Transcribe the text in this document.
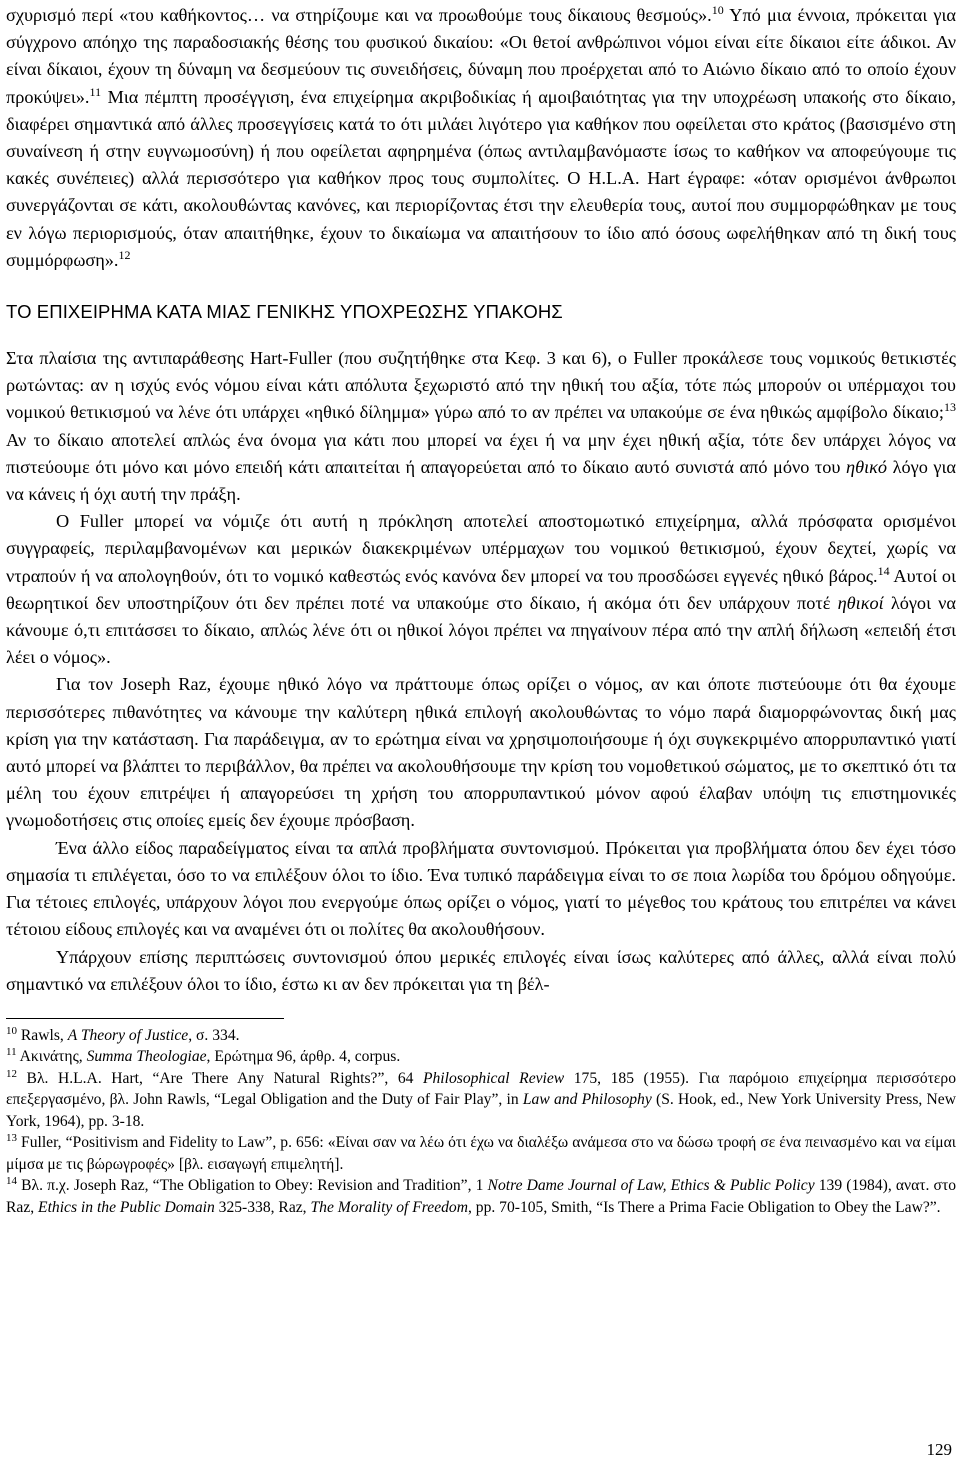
σχυρισμό περί «του καθήκοντος… να στηρίζουμε και να προωθούμε τους δίκαιους θεσμούς».$^{10}$ Υπό μια έννοια, πρόκειται για σύγχρονο απόηχο της παραδοσιακής θέσης του φυσικού δικαίου: «Οι θετοί ανθρώπινοι νόμοι είναι είτε δίκαιοι είτε άδικοι. Αν είναι δίκαιοι, έχουν τη δύναμη να δεσμεύουν τις συνειδήσεις, δύναμη που προέρχεται από το Αιώνιο δίκαιο από το οποίο έχουν προκύψει».$^{11}$ Μια πέμπτη προσέγγιση, ένα επιχείρημα ακριβοδικίας ή αμοιβαιότητας για την υποχρέωση υπακοής στο δίκαιο, διαφέρει σημαντικά από άλλες προσεγγίσεις κατά το ότι μιλάει λιγότερο για καθήκον που οφείλεται στο κράτος (βασισμένο στη συναίνεση ή στην ευγνωμοσύνη) ή που οφείλεται αφηρημένα (όπως αντιλαμβανόμαστε ίσως το καθήκον να αποφεύγουμε τις κακές συνέπειες) αλλά περισσότερο για καθήκον προς τους συμπολίτες. Ο H.L.A. Hart έγραφε: «όταν ορισμένοι άνθρωποι συνεργάζονται σε κάτι, ακολουθώντας κανόνες, και περιορίζοντας έτσι την ελευθερία τους, αυτοί που συμμορφώθηκαν με τους εν λόγω περιορισμούς, όταν απαιτήθηκε, έχουν το δικαίωμα να απαιτήσουν το ίδιο από όσους ωφελήθηκαν από τη δική τους συμμόρφωση».$^{12}$

ΤΟ ΕΠΙΧΕΙΡΗΜΑ ΚΑΤΑ ΜΙΑΣ ΓΕΝΙΚΗΣ ΥΠΟΧΡΕΩΣΗΣ ΥΠΑΚΟΗΣ

Στα πλαίσια της αντιπαράθεσης Hart-Fuller (που συζητήθηκε στα Κεφ. 3 και 6), ο Fuller προκάλεσε τους νομικούς θετικιστές ρωτώντας: αν η ισχύς ενός νόμου είναι κάτι απόλυτα ξεχωριστό από την ηθική του αξία, τότε πώς μπορούν οι υπέρμαχοι του νομικού θετικισμού να λένε ότι υπάρχει «ηθικό δίλημμα» γύρω από το αν πρέπει να υπακούμε σε ένα ηθικώς αμφίβολο δίκαιο;$^{13}$ Αν το δίκαιο αποτελεί απλώς ένα όνομα για κάτι που μπορεί να έχει ή να μην έχει ηθική αξία, τότε δεν υπάρχει λόγος να πιστεύουμε ότι μόνο και μόνο επειδή κάτι απαιτείται ή απαγορεύεται από το δίκαιο αυτό συνιστά από μόνο του ηθικό λόγο για να κάνεις ή όχι αυτή την πράξη.

Ο Fuller μπορεί να νόμιζε ότι αυτή η πρόκληση αποτελεί αποστομωτικό επιχείρημα, αλλά πρόσφατα ορισμένοι συγγραφείς, περιλαμβανομένων και μερικών διακεκριμένων υπέρμαχων του νομικού θετικισμού, έχουν δεχτεί, χωρίς να ντραπούν ή να απολογηθούν, ότι το νομικό καθεστώς ενός κανόνα δεν μπορεί να του προσδώσει εγγενές ηθικό βάρος.$^{14}$ Αυτοί οι θεωρητικοί δεν υποστηρίζουν ότι δεν πρέπει ποτέ να υπακούμε στο δίκαιο, ή ακόμα ότι δεν υπάρχουν ποτέ ηθικοί λόγοι να κάνουμε ό,τι επιτάσσει το δίκαιο, απλώς λένε ότι οι ηθικοί λόγοι πρέπει να πηγαίνουν πέρα από την απλή δήλωση «επειδή έτσι λέει ο νόμος».

Για τον Joseph Raz, έχουμε ηθικό λόγο να πράττουμε όπως ορίζει ο νόμος, αν και όποτε πιστεύουμε ότι θα έχουμε περισσότερες πιθανότητες να κάνουμε την καλύτερη ηθικά επιλογή ακολουθώντας το νόμο παρά διαμορφώνοντας δική μας κρίση για την κατάσταση. Για παράδειγμα, αν το ερώτημα είναι να χρησιμοποιήσουμε ή όχι συγκεκριμένο απορρυπαντικό γιατί αυτό μπορεί να βλάπτει το περιβάλλον, θα πρέπει να ακολουθήσουμε την κρίση του νομοθετικού σώματος, με το σκεπτικό ότι τα μέλη του έχουν επιτρέψει ή απαγορεύσει τη χρήση του απορρυπαντικού μόνον αφού έλαβαν υπόψη τις επιστημονικές γνωμοδοτήσεις στις οποίες εμείς δεν έχουμε πρόσβαση.

Ένα άλλο είδος παραδείγματος είναι τα απλά προβλήματα συντονισμού. Πρόκειται για προβλήματα όπου δεν έχει τόσο σημασία τι επιλέγεται, όσο το να επιλέξουν όλοι το ίδιο. Ένα τυπικό παράδειγμα είναι το σε ποια λωρίδα του δρόμου οδηγούμε. Για τέτοιες επιλογές, υπάρχουν λόγοι που ενεργούμε όπως ορίζει ο νόμος, γιατί το μέγεθος του κράτους του επιτρέπει να κάνει τέτοιου είδους επιλογές και να αναμένει ότι οι πολίτες θα ακολουθήσουν.

Υπάρχουν επίσης περιπτώσεις συντονισμού όπου μερικές επιλογές είναι ίσως καλύτερες από άλλες, αλλά είναι πολύ σημαντικό να επιλέξουν όλοι το ίδιο, έστω κι αν δεν πρόκειται για τη βέλ-

$^{10}$ Rawls, A Theory of Justice, σ. 334.

$^{11}$ Ακινάτης, Summa Theologiae, Ερώτημα 96, άρθρ. 4, corpus.

$^{12}$ Βλ. H.L.A. Hart, “Are There Any Natural Rights?”, 64 Philosophical Review 175, 185 (1955). Για παρόμοιο επιχείρημα περισσότερο επεξεργασμένο, βλ. John Rawls, “Legal Obligation and the Duty of Fair Play”, in Law and Philosophy (S. Hook, ed., New York University Press, New York, 1964), pp. 3-18.

$^{13}$ Fuller, “Positivism and Fidelity to Law”, p. 656: «Είναι σαν να λέω ότι έχω να διαλέξω ανάμεσα στο να δώσω τροφή σε ένα πεινασμένο και να είμαι μίμσα με τις βώρωγροφές» [βλ. εισαγωγή επιμελητή].

$^{14}$ Βλ. π.χ. Joseph Raz, “The Obligation to Obey: Revision and Tradition”, 1 Notre Dame Journal of Law, Ethics & Public Policy 139 (1984), ανατ. στο Raz, Ethics in the Public Domain 325-338, Raz, The Morality of Freedom, pp. 70-105, Smith, “Is There a Prima Facie Obligation to Obey the Law?”.

129
